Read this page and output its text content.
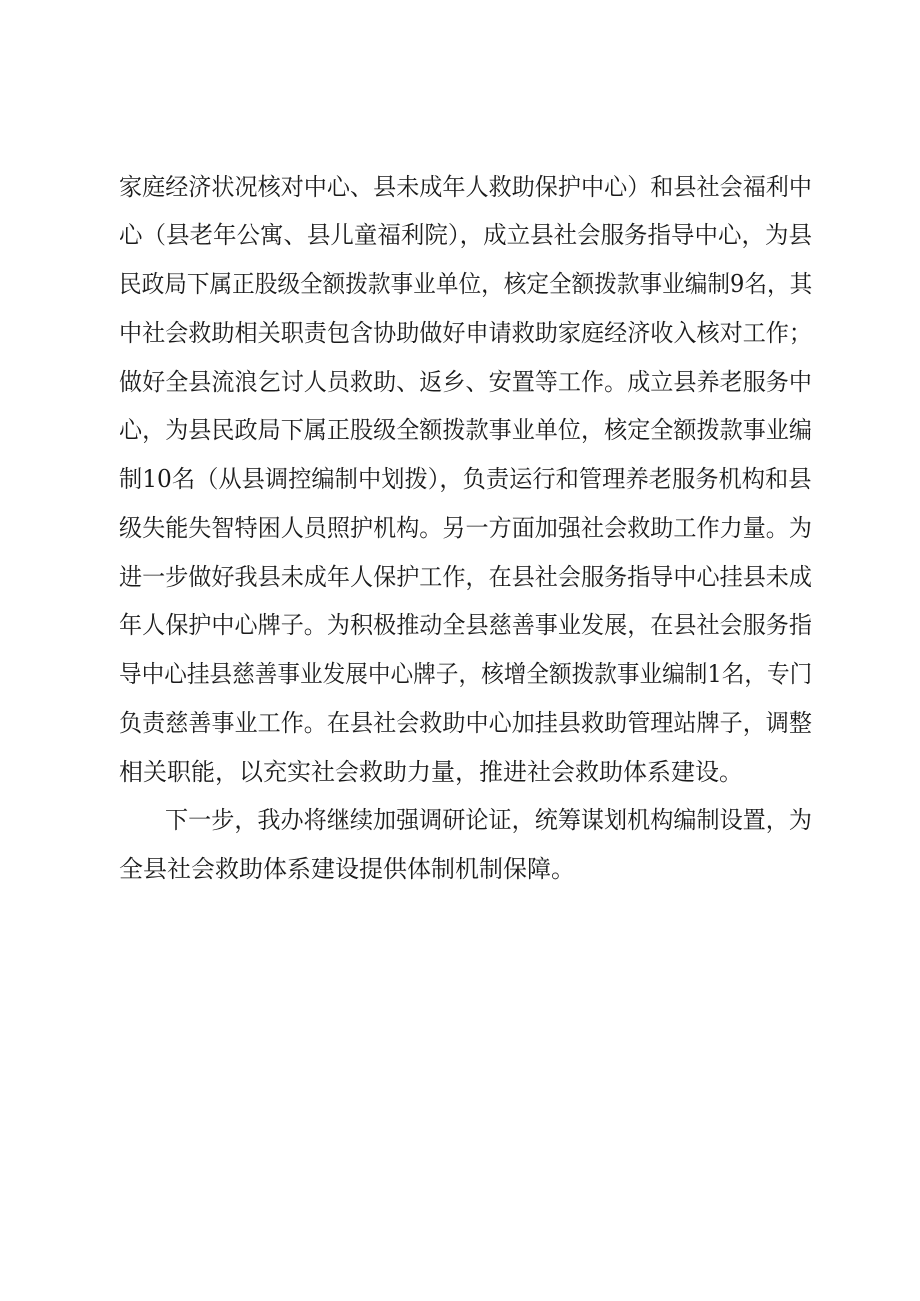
家庭经济状况核对中心、县未成年人救助保护中心）和县社会福利中
心（县老年公寓、县儿童福利院），成立县社会服务指导中心，为县
民政局下属正股级全额拨款事业单位，核定全额拨款事业编制9名，其
中社会救助相关职责包含协助做好申请救助家庭经济收入核对工作；
做好全县流浪乞讨人员救助、返乡、安置等工作。成立县养老服务中
心，为县民政局下属正股级全额拨款事业单位，核定全额拨款事业编
制10名（从县调控编制中划拨），负责运行和管理养老服务机构和县
级失能失智特困人员照护机构。另一方面加强社会救助工作力量。为
进一步做好我县未成年人保护工作，在县社会服务指导中心挂县未成
年人保护中心牌子。为积极推动全县慈善事业发展，在县社会服务指
导中心挂县慈善事业发展中心牌子，核增全额拨款事业编制1名，专门
负责慈善事业工作。在县社会救助中心加挂县救助管理站牌子，调整
相关职能，以充实社会救助力量，推进社会救助体系建设。
下一步，我办将继续加强调研论证，统筹谋划机构编制设置，为
全县社会救助体系建设提供体制机制保障。
